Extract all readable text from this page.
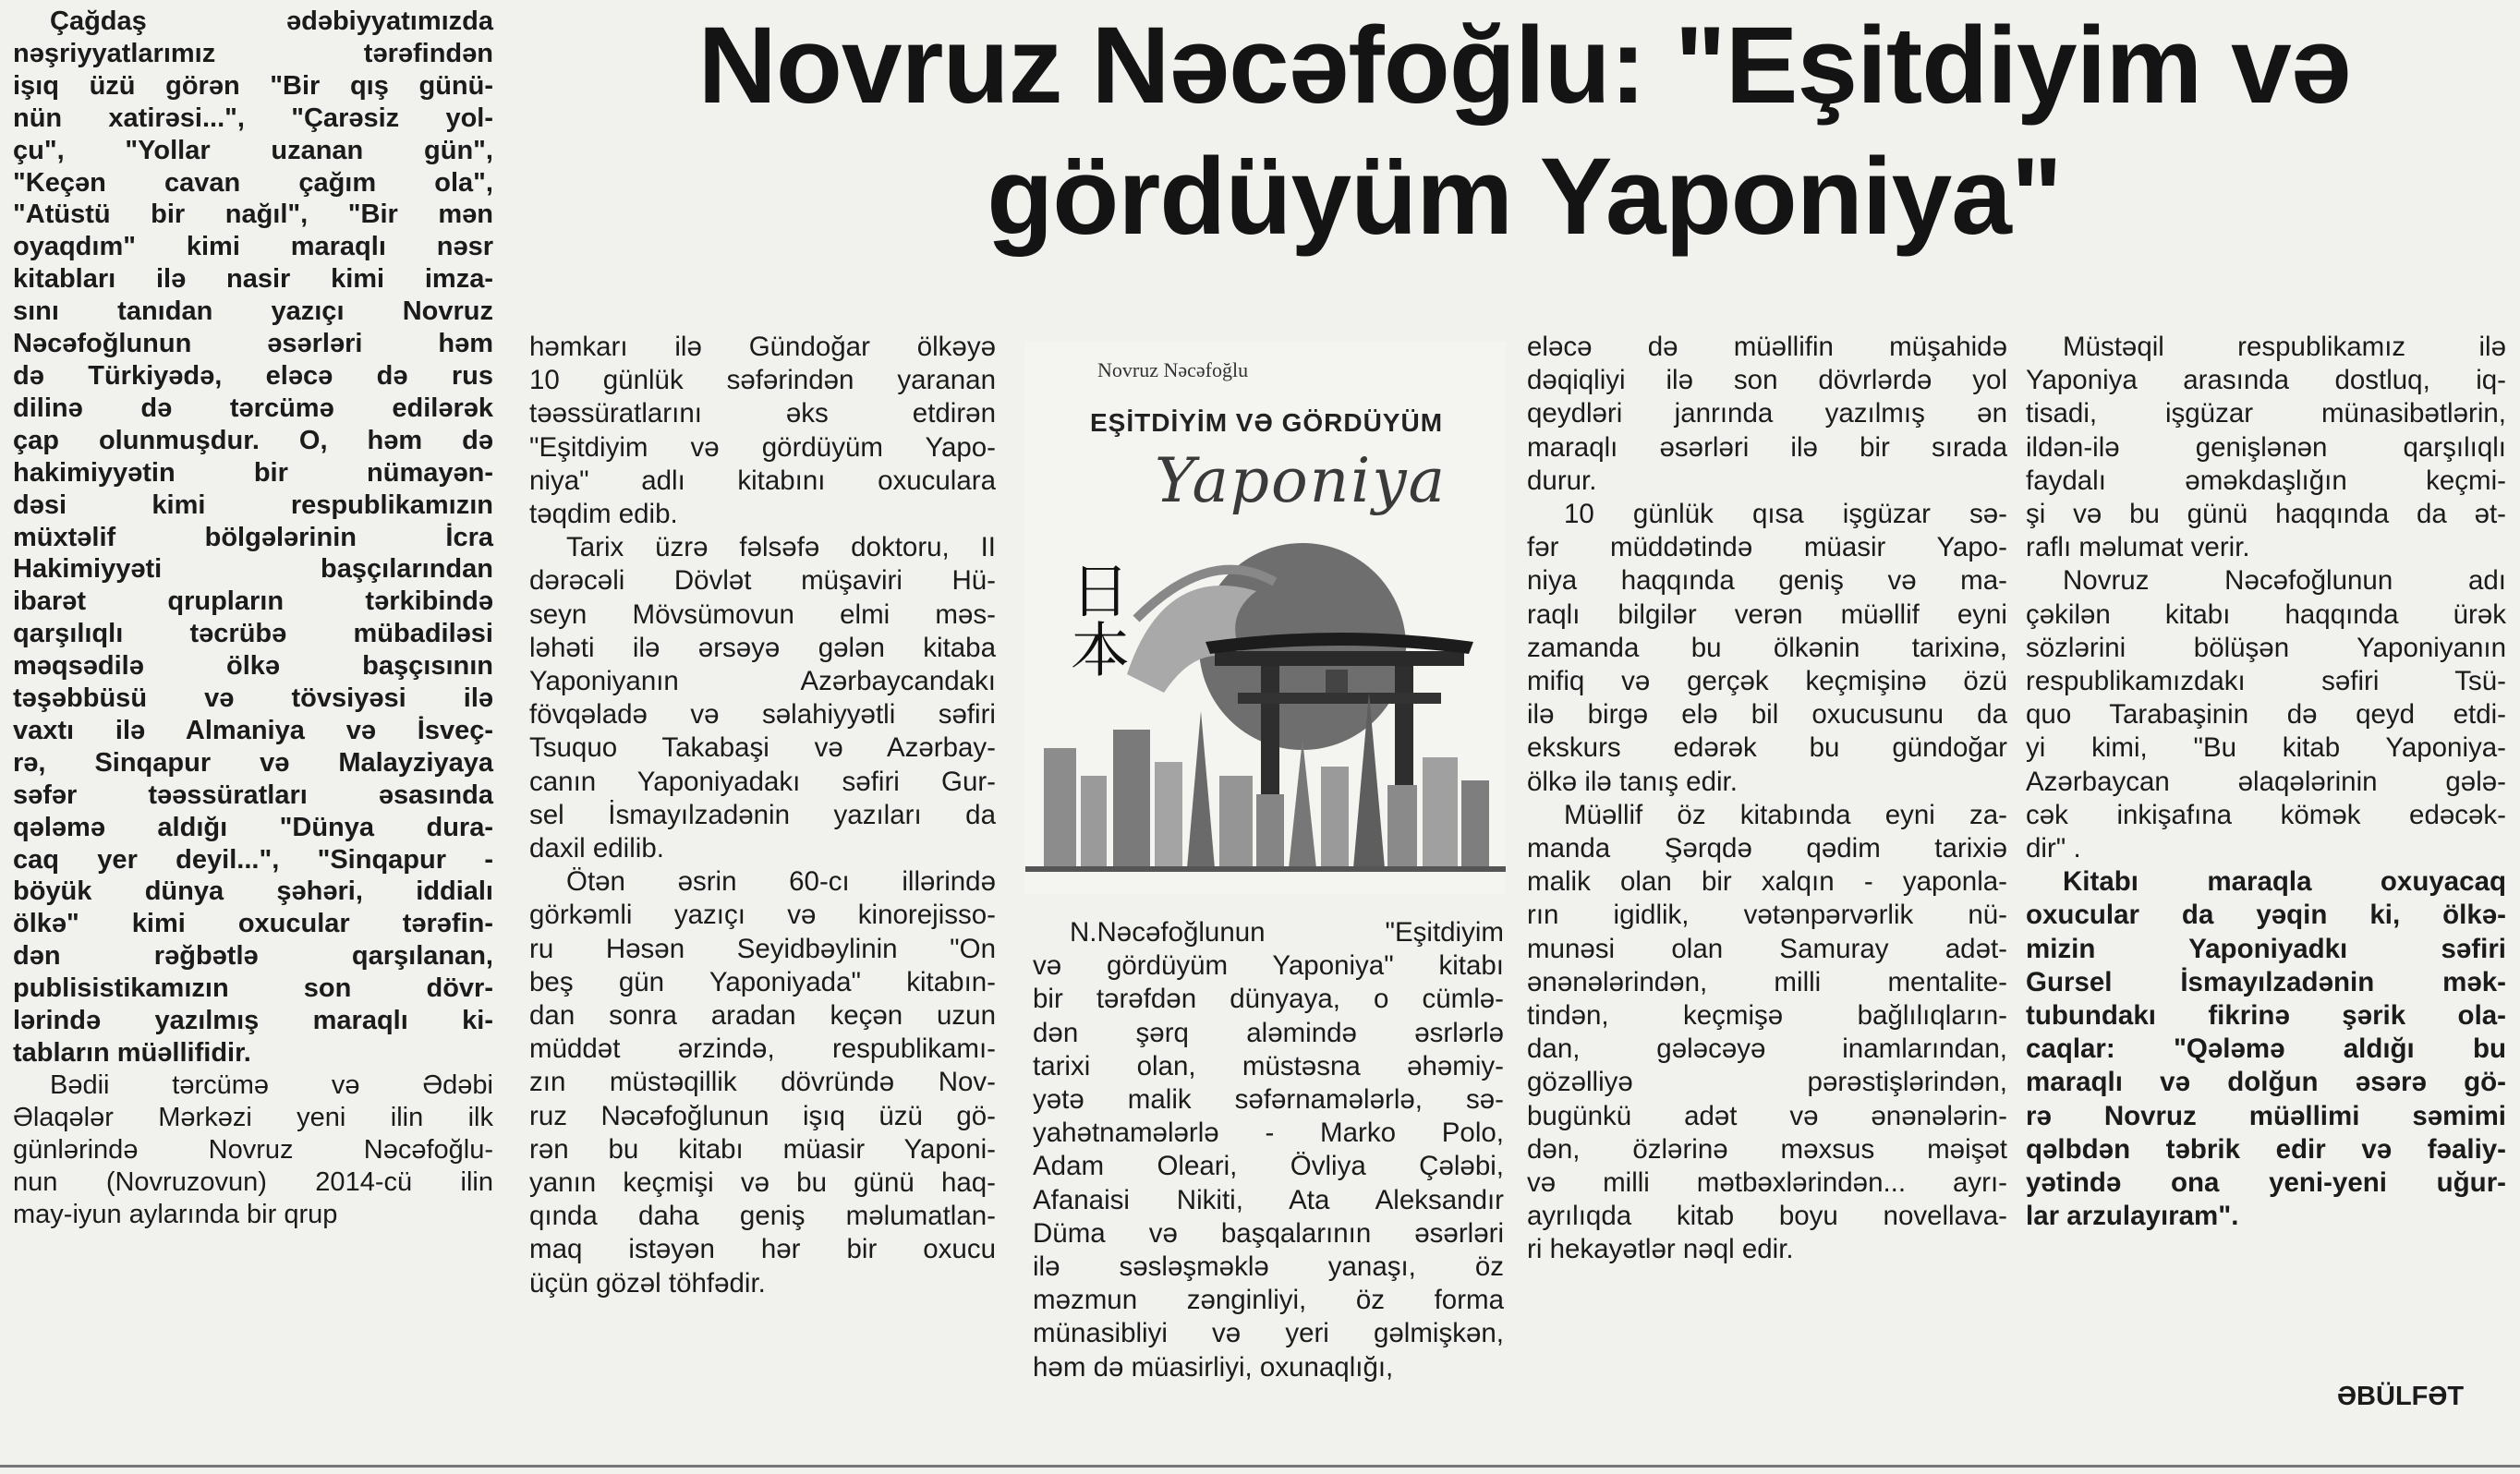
Novruz Nəcəfoğlu: "Eşitdiyim və
gördüyüm Yaponiya"

Çağdaş ədəbiyyatımızda

nəşriyyatlarımız tərəfindən

işıq üzü görən "Bir qış günü-

nün xatirəsi...", "Çarəsiz yol-

çu", "Yollar uzanan gün",

"Keçən cavan çağım ola",

"Atüstü bir nağıl", "Bir mən

oyaqdım" kimi maraqlı nəsr

kitabları ilə nasir kimi imza-

sını tanıdan yazıçı Novruz

Nəcəfoğlunun əsərləri həm

də Türkiyədə, eləcə də rus

dilinə də tərcümə edilərək

çap olunmuşdur. O, həm də

hakimiyyətin bir nümayən-

dəsi kimi respublikamızın

müxtəlif bölgələrinin İcra

Hakimiyyəti başçılarından

ibarət qrupların tərkibində

qarşılıqlı təcrübə mübadiləsi

məqsədilə ölkə başçısının

təşəbbüsü və tövsiyəsi ilə

vaxtı ilə Almaniya və İsveç-

rə, Sinqapur və Malayziyaya

səfər təəssüratları əsasında

qələmə aldığı "Dünya dura-

caq yer deyil...", "Sinqapur -

böyük dünya şəhəri, iddialı

ölkə" kimi oxucular tərəfin-

dən rəğbətlə qarşılanan,

publisistikamızın son dövr-

lərində yazılmış maraqlı ki-

tabların müəllifidir.

Bədii tərcümə və Ədəbi

Əlaqələr Mərkəzi yeni ilin ilk

günlərində Novruz Nəcəfoğlu-

nun (Novruzovun) 2014-cü ilin

may-iyun aylarında bir qrup

həmkarı ilə Gündoğar ölkəyə

10 günlük səfərindən yaranan

təəssüratlarını əks etdirən

"Eşitdiyim və gördüyüm Yapo-

niya" adlı kitabını oxuculara

təqdim edib.

Tarix üzrə fəlsəfə doktoru, II

dərəcəli Dövlət müşaviri Hü-

seyn Mövsümovun elmi məs-

ləhəti ilə ərsəyə gələn kitaba

Yaponiyanın Azərbaycandakı

fövqəladə və səlahiyyətli səfiri

Tsuquo Takabaşi və Azərbay-

canın Yaponiyadakı səfiri Gur-

sel İsmayılzadənin yazıları da

daxil edilib.

Ötən əsrin 60-cı illərində

görkəmli yazıçı və kinorejisso-

ru Həsən Seyidbəylinin "On

beş gün Yaponiyada" kitabın-

dan sonra aradan keçən uzun

müddət ərzində, respublikamı-

zın müstəqillik dövründə Nov-

ruz Nəcəfoğlunun işıq üzü gö-

rən bu kitabı müasir Yaponi-

yanın keçmişi və bu günü haq-

qında daha geniş məlumatlan-

maq istəyən hər bir oxucu

üçün gözəl töhfədir.

Novruz Nəcəfoğlu
EŞİTDİYİM VƏ GÖRDÜYÜM
Yaponiya
日本

N.Nəcəfoğlunun "Eşitdiyim

və gördüyüm Yaponiya" kitabı

bir tərəfdən dünyaya, o cümlə-

dən şərq aləmində əsrlərlə

tarixi olan, müstəsna əhəmiy-

yətə malik səfərnamələrlə, sə-

yahətnamələrlə - Marko Polo,

Adam Oleari, Övliya Çələbi,

Afanaisi Nikiti, Ata Aleksandır

Düma və başqalarının əsərləri

ilə səsləşməklə yanaşı, öz

məzmun zənginliyi, öz forma

münasibliyi və yeri gəlmişkən,

həm də müasirliyi, oxunaqlığı,

eləcə də müəllifin müşahidə

dəqiqliyi ilə son dövrlərdə yol

qeydləri janrında yazılmış ən

maraqlı əsərləri ilə bir sırada

durur.

10 günlük qısa işgüzar sə-

fər müddətində müasir Yapo-

niya haqqında geniş və ma-

raqlı bilgilər verən müəllif eyni

zamanda bu ölkənin tarixinə,

mifiq və gerçək keçmişinə özü

ilə birgə elə bil oxucusunu da

ekskurs edərək bu gündoğar

ölkə ilə tanış edir.

Müəllif öz kitabında eyni za-

manda Şərqdə qədim tarixiə

malik olan bir xalqın - yaponla-

rın igidlik, vətənpərvərlik nü-

munəsi olan Samuray adət-

ənənələrindən, milli mentalite-

tindən, keçmişə bağlılıqların-

dan, gələcəyə inamlarından,

gözəlliyə pərəstişlərindən,

bugünkü adət və ənənələrin-

dən, özlərinə məxsus məişət

və milli mətbəxlərindən... ayrı-

ayrılıqda kitab boyu novellava-

ri hekayətlər nəql edir.

Müstəqil respublikamız ilə

Yaponiya arasında dostluq, iq-

tisadi, işgüzar münasibətlərin,

ildən-ilə genişlənən qarşılıqlı

faydalı əməkdaşlığın keçmi-

şi və bu günü haqqında da ət-

raflı məlumat verir.

Novruz Nəcəfoğlunun adı

çəkilən kitabı haqqında ürək

sözlərini bölüşən Yaponiyanın

respublikamızdakı səfiri Tsü-

quo Tarabaşinin də qeyd etdi-

yi kimi, "Bu kitab Yaponiya-

Azərbaycan əlaqələrinin gələ-

cək inkişafına kömək edəcək-

dir" .

Kitabı maraqla oxuyacaq

oxucular da yəqin ki, ölkə-

mizin Yaponiyadkı səfiri

Gursel İsmayılzadənin mək-

tubundakı fikrinə şərik ola-

caqlar: "Qələmə aldığı bu

maraqlı və dolğun əsərə gö-

rə Novruz müəllimi səmimi

qəlbdən təbrik edir və fəaliy-

yətində ona yeni-yeni uğur-

lar arzulayıram".

ƏBÜLFƏT
